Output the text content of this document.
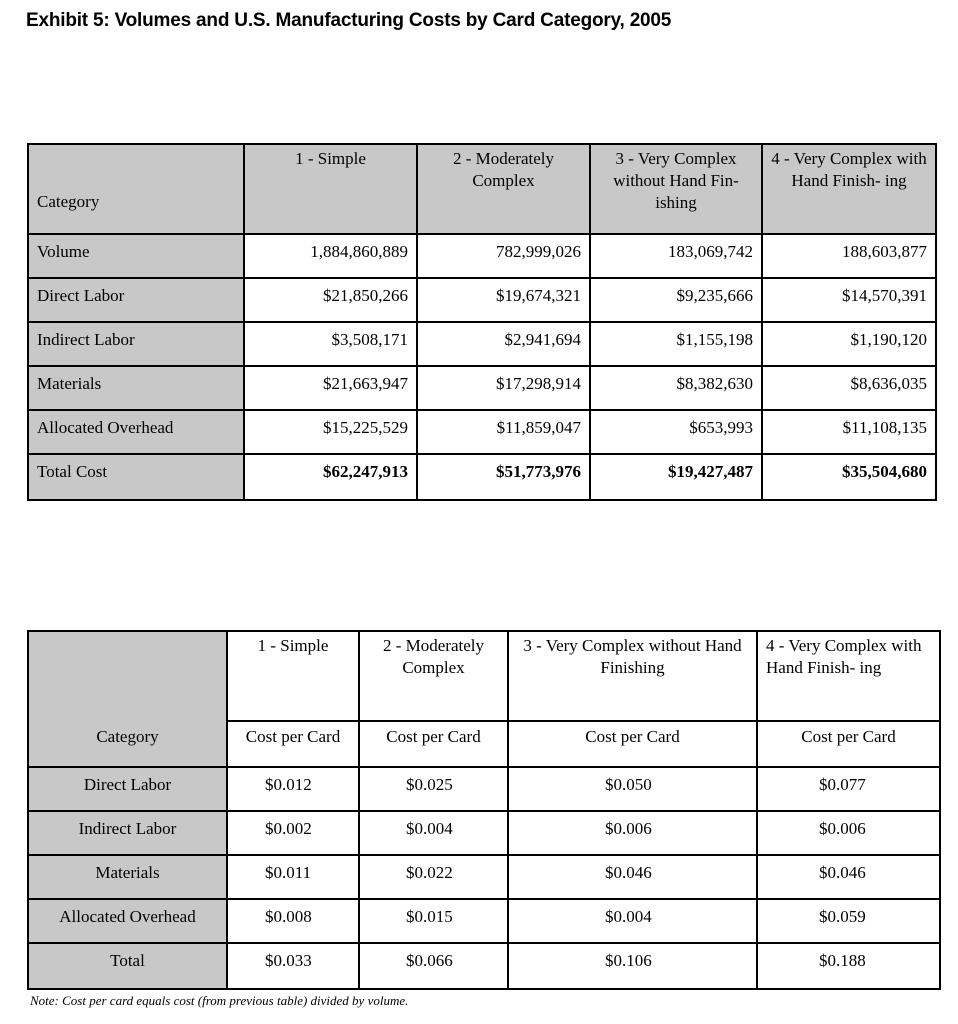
Exhibit 5: Volumes and U.S. Manufacturing Costs by Card Category, 2005
Category	1 - Simple	2 - Moderately Complex	3 - Very Complex without Hand Fin- ishing	4 - Very Complex with Hand Finish- ing
Volume	1,884,860,889	782,999,026	183,069,742	188,603,877
Direct Labor	$21,850,266	$19,674,321	$9,235,666	$14,570,391
Indirect Labor	$3,508,171	$2,941,694	$1,155,198	$1,190,120
Materials	$21,663,947	$17,298,914	$8,382,630	$8,636,035
Allocated Overhead	$15,225,529	$11,859,047	$653,993	$11,108,135
Total Cost	$62,247,913	$51,773,976	$19,427,487	$35,504,680
Category	1 - Simple	2 - Moderately Complex	3 - Very Complex without Hand Finishing	4 - Very Complex with Hand Finish- ing
	Cost per Card	Cost per Card	Cost per Card	Cost per Card
Direct Labor	$0.012	$0.025	$0.050	$0.077
Indirect Labor	$0.002	$0.004	$0.006	$0.006
Materials	$0.011	$0.022	$0.046	$0.046
Allocated Overhead	$0.008	$0.015	$0.004	$0.059
Total	$0.033	$0.066	$0.106	$0.188
Note: Cost per card equals cost (from previous table) divided by volume.
